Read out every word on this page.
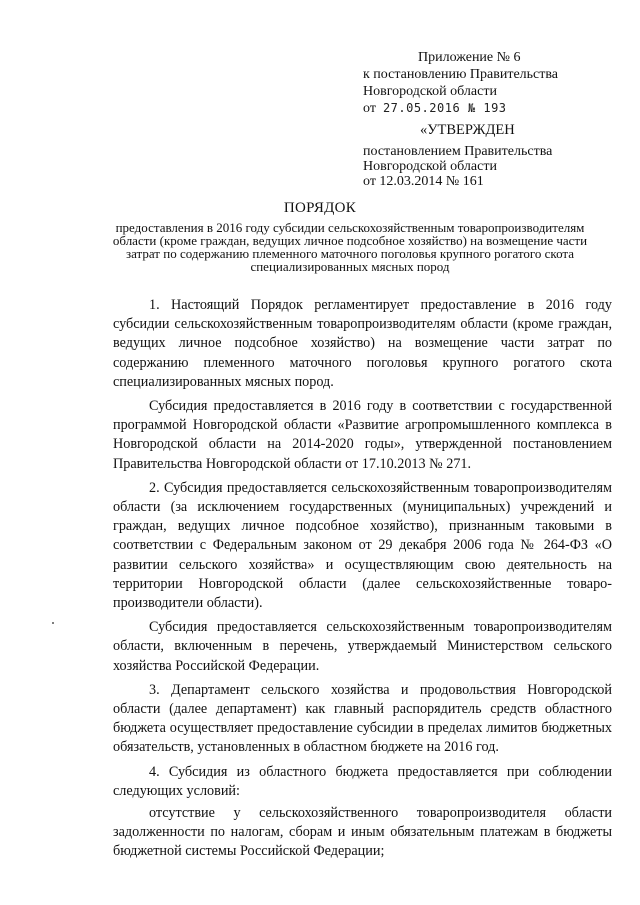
Приложение № 6
к постановлению Правительства
Новгородской области
от 27.05.2016 № 193
«УТВЕРЖДЕН
постановлением Правительства
Новгородской области
от 12.03.2014 № 161
ПОРЯДОК
предоставления в 2016 году субсидии сельскохозяйственным товаропроизводителям области (кроме граждан, ведущих личное подсобное хозяйство) на возмещение части затрат по содержанию племенного маточного поголовья крупного рогатого скота специализированных мясных пород

1. Настоящий Порядок регламентирует предоставление в 2016 году субсидии сельскохозяйственным товаропроизводителям области (кроме граждан, ведущих личное подсобное хозяйство) на возмещение части затрат по содержанию племенного маточного поголовья крупного рогатого скота специализированных мясных пород.

Субсидия предоставляется в 2016 году в соответствии с государственной программой Новгородской области «Развитие агропромышленного комплекса в Новгородской области на 2014-2020 годы», утвержденной постановлением Правительства Новгородской области от 17.10.2013 № 271.

2. Субсидия предоставляется сельскохозяйственным товаропроизводителям области (за исключением государственных (муниципальных) учреждений и граждан, ведущих личное подсобное хозяйство), признанным таковыми в соответствии с Федеральным законом от 29 декабря 2006 года № 264-ФЗ «О развитии сельского хозяйства» и осуществляющим свою деятельность на территории Новгородской области (далее сельскохозяйственные товаро-производители области).

Субсидия предоставляется сельскохозяйственным товаропроизводителям области, включенным в перечень, утверждаемый Министерством сельского хозяйства Российской Федерации.

3. Департамент сельского хозяйства и продовольствия Новгородской области (далее департамент) как главный распорядитель средств областного бюджета осуществляет предоставление субсидии в пределах лимитов бюджетных обязательств, установленных в областном бюджете на 2016 год.

4. Субсидия из областного бюджета предоставляется при соблюдении следующих условий:

отсутствие у сельскохозяйственного товаропроизводителя области задолженности по налогам, сборам и иным обязательным платежам в бюджеты бюджетной системы Российской Федерации;
